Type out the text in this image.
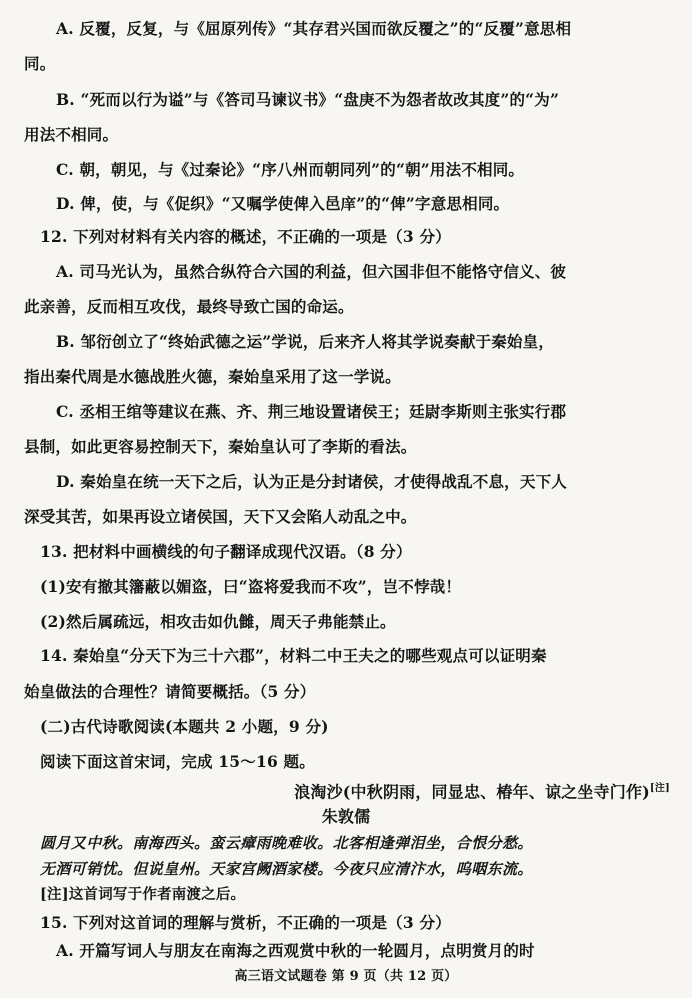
A. 反覆，反复，与《屈原列传》“其存君兴国而欲反覆之”的“反覆”意思相
同。
B. “死而以行为谥”与《答司马谏议书》“盘庚不为怨者故改其度”的“为”
用法不相同。
C. 朝，朝见，与《过秦论》“序八州而朝同列”的“朝”用法不相同。
D. 俾，使，与《促织》“又嘱学使俾入邑庠”的“俾”字意思相同。
12. 下列对材料有关内容的概述，不正确的一项是（3 分）
A. 司马光认为，虽然合纵符合六国的利益，但六国非但不能恪守信义、彼
此亲善，反而相互攻伐，最终导致亡国的命运。
B. 邹衍创立了“终始武德之运”学说，后来齐人将其学说奏献于秦始皇，
指出秦代周是水德战胜火德，秦始皇采用了这一学说。
C. 丞相王绾等建议在燕、齐、荆三地设置诸侯王；廷尉李斯则主张实行郡
县制，如此更容易控制天下，秦始皇认可了李斯的看法。
D. 秦始皇在统一天下之后，认为正是分封诸侯，才使得战乱不息，天下人
深受其苦，如果再设立诸侯国，天下又会陷人动乱之中。
13. 把材料中画横线的句子翻译成现代汉语。（8 分）
(1)安有撤其籓蔽以媚盗，曰“盗将爱我而不攻”，岂不悖哉！
(2)然后属疏远，相攻击如仇雠，周天子弗能禁止。
14. 秦始皇“分天下为三十六郡”，材料二中王夫之的哪些观点可以证明秦
始皇做法的合理性？请简要概括。（5 分）
(二)古代诗歌阅读(本题共 2 小题，9 分)
阅读下面这首宋词，完成 15～16 题。
浪淘沙(中秋阴雨，同显忠、椿年、谅之坐寺门作)[注]
朱敦儒
圆月又中秋。南海西头。蛮云瘴雨晚难收。北客相逢弹泪坐，合恨分愁。
无酒可销忧。但说皇州。天家宫阙酒家楼。今夜只应清汴水，呜咽东流。
[注]这首词写于作者南渡之后。
高三语文试题卷 第 9 页（共 12 页）
15. 下列对这首词的理解与赏析，不正确的一项是（3 分）
A. 开篇写词人与朋友在南海之西观赏中秋的一轮圆月，点明赏月的时
